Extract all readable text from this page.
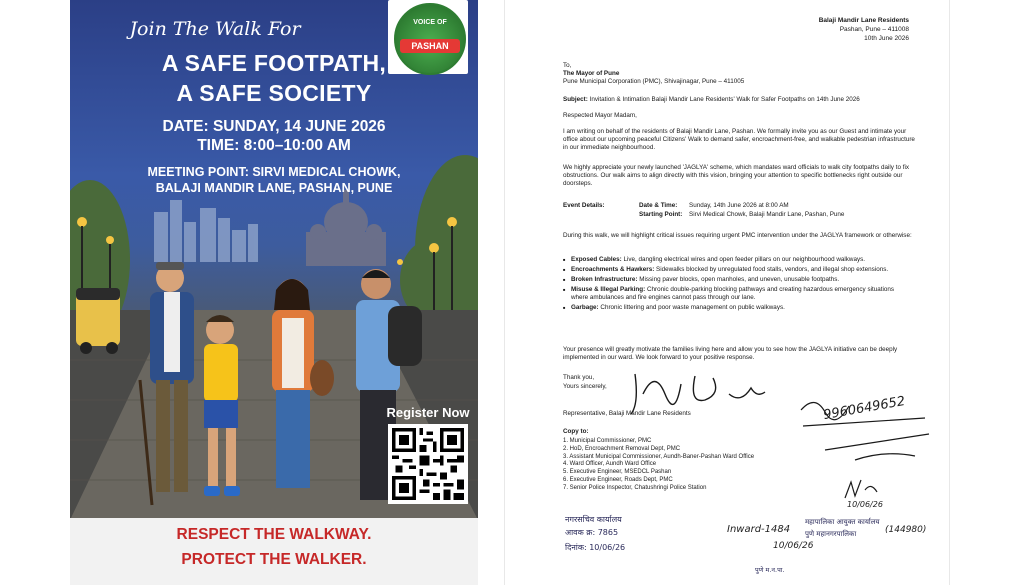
Join The Walk For
A SAFE FOOTPATH,
A SAFE SOCIETY
DATE: SUNDAY, 14 JUNE 2026
TIME: 8:00–10:00 AM
MEETING POINT: SIRVI MEDICAL CHOWK,
BALAJI MANDIR LANE, PASHAN, PUNE
VOICE OF
PASHAN
Register Now
RESPECT THE WALKWAY.
PROTECT THE WALKER.
Balaji Mandir Lane Residents
Pashan, Pune – 411008
10th June 2026
To,
The Mayor of Pune
Pune Municipal Corporation (PMC), Shivajinagar, Pune – 411005
Subject: Invitation & Intimation Balaji Mandir Lane Residents' Walk for Safer Footpaths on 14th June 2026
Respected Mayor Madam,
I am writing on behalf of the residents of Balaji Mandir Lane, Pashan. We formally invite you as our Guest and intimate your office about our upcoming peaceful Citizens' Walk to demand safer, encroachment-free, and walkable pedestrian infrastructure in our immediate neighbourhood.
We highly appreciate your newly launched 'JAGLYA' scheme, which mandates ward officials to walk city footpaths daily to fix obstructions. Our walk aims to align directly with this vision, bringing your attention to specific bottlenecks right outside our doorsteps.
Event Details:	Date & Time: Sunday, 14th June 2026 at 8:00 AM
Starting Point: Sirvi Medical Chowk, Balaji Mandir Lane, Pashan, Pune
During this walk, we will highlight critical issues requiring urgent PMC intervention under the JAGLYA framework or otherwise:
■ Exposed Cables: Live, dangling electrical wires and open feeder pillars on our neighbourhood walkways.
■ Encroachments & Hawkers: Sidewalks blocked by unregulated food stalls, vendors, and illegal shop extensions.
■ Broken Infrastructure: Missing paver blocks, open manholes, and uneven, unusable footpaths.
■ Misuse & Illegal Parking: Chronic double-parking blocking pathways and creating hazardous emergency situations where ambulances and fire engines cannot pass through our lane.
■ Garbage: Chronic littering and poor waste management on public walkways.
Your presence will greatly motivate the families living here and allow you to see how the JAGLYA initiative can be deeply implemented in our ward. We look forward to your positive response.
Thank you,
Yours sincerely,
Representative, Balaji Mandir Lane Residents
Copy to:
1. Municipal Commissioner, PMC
2. HoD, Encroachment Removal Dept, PMC
3. Assistant Municipal Commissioner, Aundh-Baner-Pashan Ward Office
4. Ward Officer, Aundh Ward Office
5. Executive Engineer, MSEDCL Pashan
6. Executive Engineer, Roads Dept, PMC
7. Senior Police Inspector, Chatushringi Police Station
9960649652
10/06/26
नगरसचिव कार्यालय
आवक क्र: 7865
दिनांक: 10/06/26
Inward-1484
10/06/26
महापालिका आयुक्त कार्यालय
पुणे महानगरपालिका	(144980)
पुणे म.न.पा.
